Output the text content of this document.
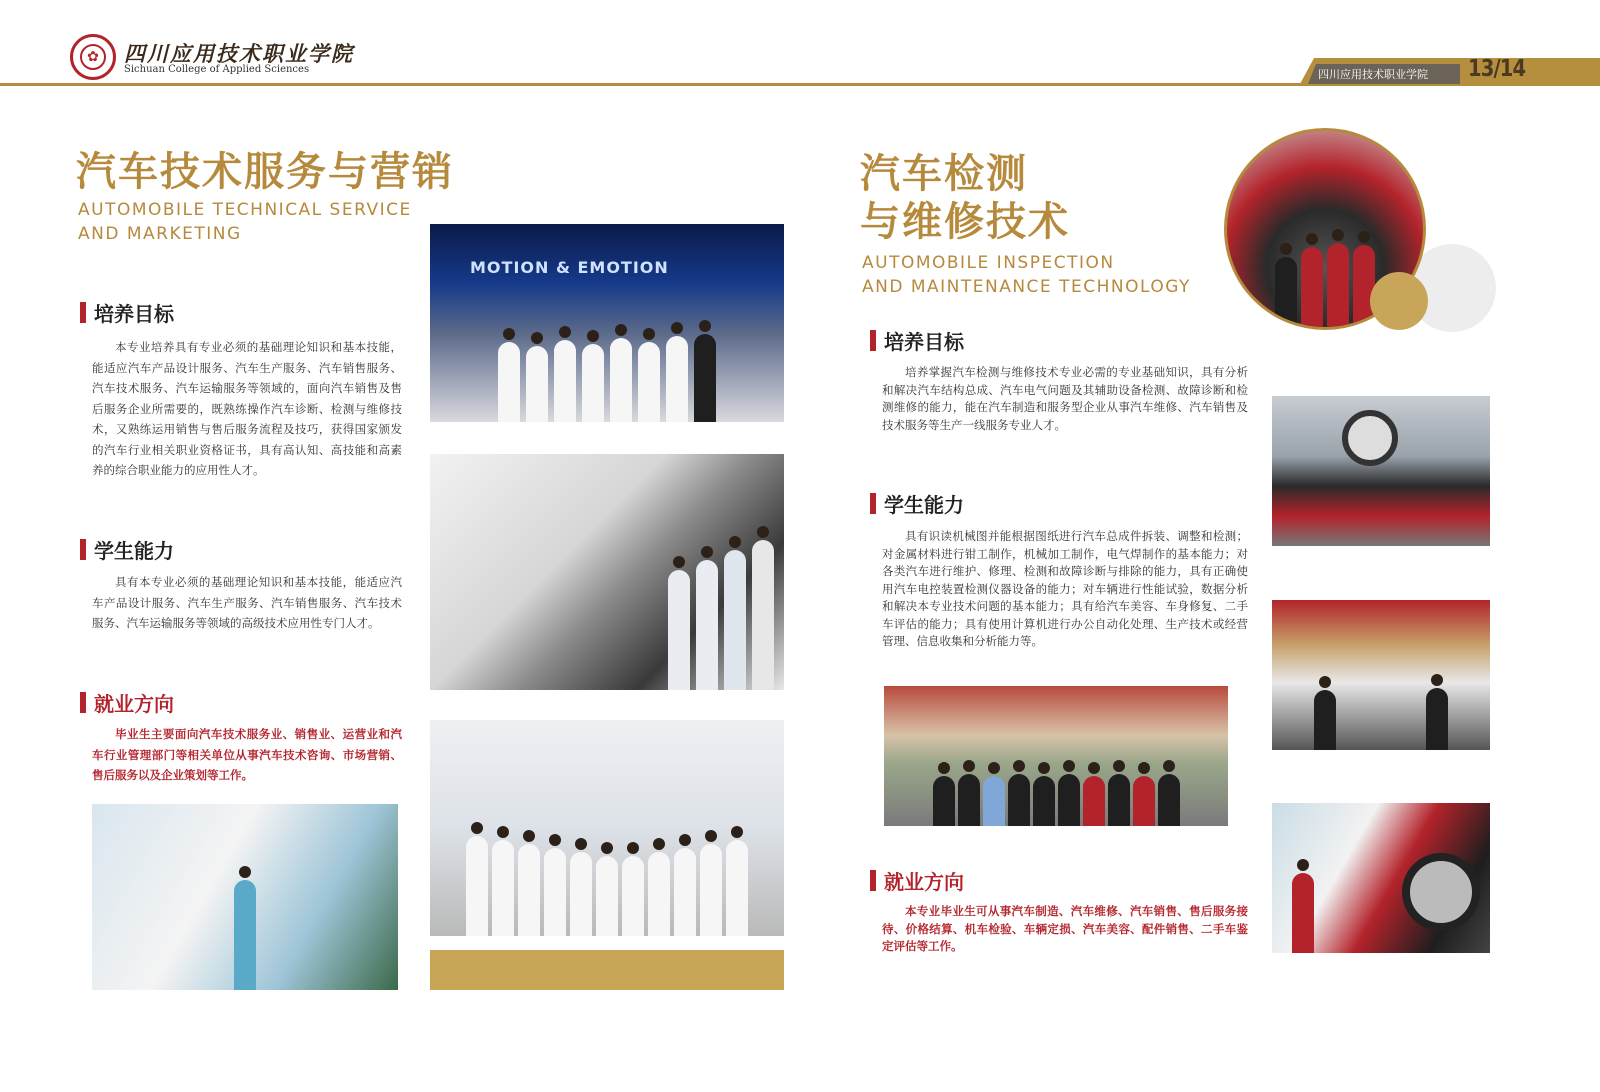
✿	四川应用技术职业学院
Sichuan College of Applied Sciences	四川应用技术职业学院 13/14
汽车技术服务与营销
AUTOMOBILE TECHNICAL SERVICE
AND MARKETING
培养目标
本专业培养具有专业必须的基础理论知识和基本技能，能适应汽车产品设计服务、汽车生产服务、汽车销售服务、汽车技术服务、汽车运输服务等领域的，面向汽车销售及售后服务企业所需要的，既熟练操作汽车诊断、检测与维修技术，又熟练运用销售与售后服务流程及技巧，获得国家颁发的汽车行业相关职业资格证书，具有高认知、高技能和高素养的综合职业能力的应用性人才。
学生能力
具有本专业必须的基础理论知识和基本技能，能适应汽车产品设计服务、汽车生产服务、汽车销售服务、汽车技术服务、汽车运输服务等领域的高级技术应用性专门人才。
就业方向
毕业生主要面向汽车技术服务业、销售业、运营业和汽车行业管理部门等相关单位从事汽车技术咨询、市场营销、售后服务以及企业策划等工作。
MOTION & EMOTION
汽车检测
与维修技术
AUTOMOBILE INSPECTION
AND MAINTENANCE TECHNOLOGY
培养目标
培养掌握汽车检测与维修技术专业必需的专业基础知识，具有分析和解决汽车结构总成、汽车电气问题及其辅助设备检测、故障诊断和检测维修的能力，能在汽车制造和服务型企业从事汽车维修、汽车销售及技术服务等生产一线服务专业人才。
学生能力
具有识读机械图并能根据图纸进行汽车总成件拆装、调整和检测；对金属材料进行钳工制作，机械加工制作，电气焊制作的基本能力；对各类汽车进行维护、修理、检测和故障诊断与排除的能力，具有正确使用汽车电控装置检测仪器设备的能力；对车辆进行性能试验，数据分析和解决本专业技术问题的基本能力；具有给汽车美容、车身修复、二手车评估的能力；具有使用计算机进行办公自动化处理、生产技术或经营管理、信息收集和分析能力等。
就业方向
本专业毕业生可从事汽车制造、汽车维修、汽车销售、售后服务接待、价格结算、机车检验、车辆定损、汽车美容、配件销售、二手车鉴定评估等工作。
